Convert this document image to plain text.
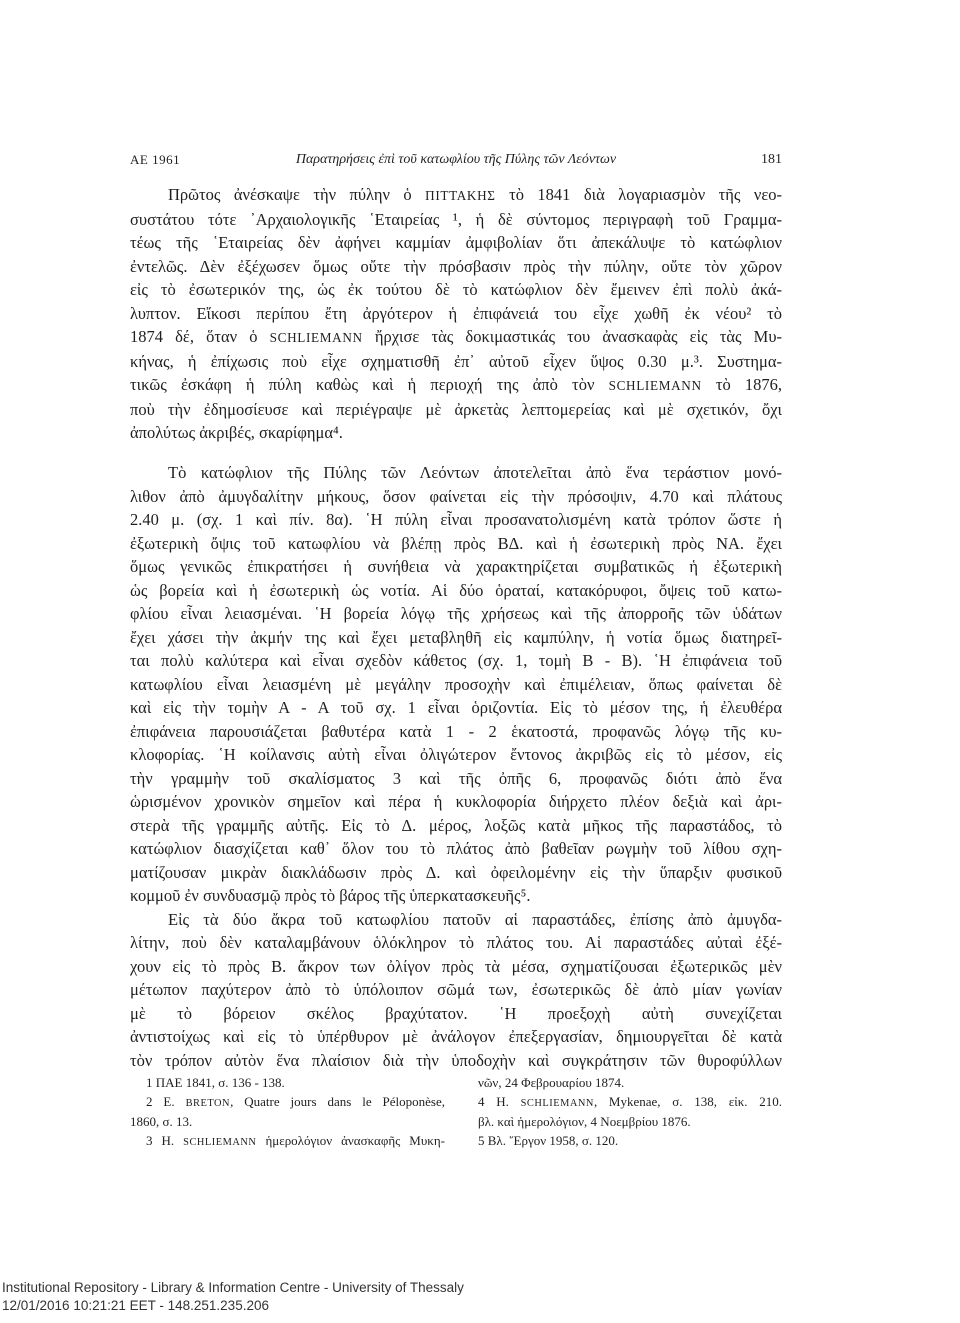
ΑΕ 1961	Παρατηρήσεις ἐπὶ τοῦ κατωφλίου τῆς Πύλης τῶν Λεόντων	181
Πρῶτος ἀνέσκαψε τὴν πύλην ὁ ΠΙΤΤΑΚΗΣ τὸ 1841 διὰ λογαριασμὸν τῆς νεο-
συστάτου τότε ᾿Αρχαιολογικῆς ῾Εταιρείας ¹, ἡ δὲ σύντομος περιγραφὴ τοῦ Γραμμα-
τέως τῆς ῾Εταιρείας δὲν ἀφήνει καμμίαν ἀμφιβολίαν ὅτι ἀπεκάλυψε τὸ κατώφλιον
ἐντελῶς. Δὲν ἐξέχωσεν ὅμως οὔτε τὴν πρόσβασιν πρὸς τὴν πύλην, οὔτε τὸν χῶρον
εἰς τὸ ἐσωτερικόν της, ὡς ἐκ τούτου δὲ τὸ κατώφλιον δὲν ἔμεινεν ἐπὶ πολὺ ἀκά-
λυπτον. Εἴκοσι περίπου ἔτη ἀργότερον ἡ ἐπιφάνειά του εἶχε χωθῆ ἐκ νέου² τὸ
1874 δέ, ὅταν ὁ SCHLIEMANN ἤρχισε τὰς δοκιμαστικάς του ἀνασκαφὰς εἰς τὰς Μυ-
κήνας, ἡ ἐπίχωσις ποὺ εἶχε σχηματισθῆ ἐπ᾿ αὐτοῦ εἶχεν ὕψος 0.30 μ.³. Συστημα-
τικῶς ἐσκάφη ἡ πύλη καθὼς καὶ ἡ περιοχή της ἀπὸ τὸν SCHLIEMANN τὸ 1876,
ποὺ τὴν ἐδημοσίευσε καὶ περιέγραψε μὲ ἀρκετὰς λεπτομερείας καὶ μὲ σχετικόν, ὄχι
ἀπολύτως ἀκριβές, σκαρίφημα⁴.
Τὸ κατώφλιον τῆς Πύλης τῶν Λεόντων ἀποτελεῖται ἀπὸ ἕνα τεράστιον μονό-
λιθον ἀπὸ ἀμυγδαλίτην μήκους, ὅσον φαίνεται εἰς τὴν πρόσοψιν, 4.70 καὶ πλάτους
2.40 μ. (σχ. 1 καὶ πίν. 8α). ῾Η πύλη εἶναι προσανατολισμένη κατὰ τρόπον ὥστε ἡ
ἐξωτερικὴ ὄψις τοῦ κατωφλίου νὰ βλέπῃ πρὸς ΒΔ. καὶ ἡ ἐσωτερικὴ πρὸς ΝΑ. ἔχει
ὅμως γενικῶς ἐπικρατήσει ἡ συνήθεια νὰ χαρακτηρίζεται συμβατικῶς ἡ ἐξωτερικὴ
ὡς βορεία καὶ ἡ ἐσωτερικὴ ὡς νοτία. Αἱ δύο ὁραταί, κατακόρυφοι, ὄψεις τοῦ κατω-
φλίου εἶναι λειασμέναι. ῾Η βορεία λόγῳ τῆς χρήσεως καὶ τῆς ἀπορροῆς τῶν ὑδάτων
ἔχει χάσει τὴν ἀκμήν της καὶ ἔχει μεταβληθῆ εἰς καμπύλην, ἡ νοτία ὅμως διατηρεῖ-
ται πολὺ καλύτερα καὶ εἶναι σχεδὸν κάθετος (σχ. 1, τομὴ Β - Β). ῾Η ἐπιφάνεια τοῦ
κατωφλίου εἶναι λειασμένη μὲ μεγάλην προσοχὴν καὶ ἐπιμέλειαν, ὅπως φαίνεται δὲ
καὶ εἰς τὴν τομὴν Α - Α τοῦ σχ. 1 εἶναι ὁριζοντία. Εἰς τὸ μέσον της, ἡ ἐλευθέρα
ἐπιφάνεια παρουσιάζεται βαθυτέρα κατὰ 1 - 2 ἑκατοστά, προφανῶς λόγῳ τῆς κυ-
κλοφορίας. ῾Η κοίλανσις αὐτὴ εἶναι ὀλιγώτερον ἔντονος ἀκριβῶς εἰς τὸ μέσον, εἰς
τὴν γραμμὴν τοῦ σκαλίσματος 3 καὶ τῆς ὀπῆς 6, προφανῶς διότι ἀπὸ ἕνα
ὡρισμένον χρονικὸν σημεῖον καὶ πέρα ἡ κυκλοφορία διήρχετο πλέον δεξιὰ καὶ ἀρι-
στερὰ τῆς γραμμῆς αὐτῆς. Εἰς τὸ Δ. μέρος, λοξῶς κατὰ μῆκος τῆς παραστάδος, τὸ
κατώφλιον διασχίζεται καθ᾿ ὅλον του τὸ πλάτος ἀπὸ βαθεῖαν ρωγμὴν τοῦ λίθου σχη-
ματίζουσαν μικρὰν διακλάδωσιν πρὸς Δ. καὶ ὀφειλομένην εἰς τὴν ὕπαρξιν φυσικοῦ
κομμοῦ ἐν συνδυασμῷ πρὸς τὸ βάρος τῆς ὑπερκατασκευῆς⁵.
Εἰς τὰ δύο ἄκρα τοῦ κατωφλίου πατοῦν αἱ παραστάδες, ἐπίσης ἀπὸ ἀμυγδα-
λίτην, ποὺ δὲν καταλαμβάνουν ὁλόκληρον τὸ πλάτος του. Αἱ παραστάδες αὐταὶ ἐξέ-
χουν εἰς τὸ πρὸς Β. ἄκρον των ὀλίγον πρὸς τὰ μέσα, σχηματίζουσαι ἐξωτερικῶς μὲν
μέτωπον παχύτερον ἀπὸ τὸ ὑπόλοιπον σῶμά των, ἐσωτερικῶς δὲ ἀπὸ μίαν γωνίαν
μὲ τὸ βόρειον σκέλος βραχύτατον. ῾Η προεξοχὴ αὐτὴ συνεχίζεται
ἀντιστοίχως καὶ εἰς τὸ ὑπέρθυρον μὲ ἀνάλογον ἐπεξεργασίαν, δημιουργεῖται δὲ κατὰ
τὸν τρόπον αὐτὸν ἕνα πλαίσιον διὰ τὴν ὑποδοχὴν καὶ συγκράτησιν τῶν θυροφύλλων
1 ΠΑΕ 1841, σ. 136 - 138.
2 E. BRETON, Quatre jours dans le Péloponèse,
1860, σ. 13.
3 H. SCHLIEMANN ἡμερολόγιον ἀνασκαφῆς Μυκη-
νῶν, 24 Φεβρουαρίου 1874.
4 H. SCHLIEMANN, Mykenae, σ. 138, εἰκ. 210.
βλ. καὶ ἡμερολόγιον, 4 Νοεμβρίου 1876.
5 Βλ. ῎Εργον 1958, σ. 120.
Institutional Repository - Library & Information Centre - University of Thessaly
12/01/2016 10:21:21 EET - 148.251.235.206
